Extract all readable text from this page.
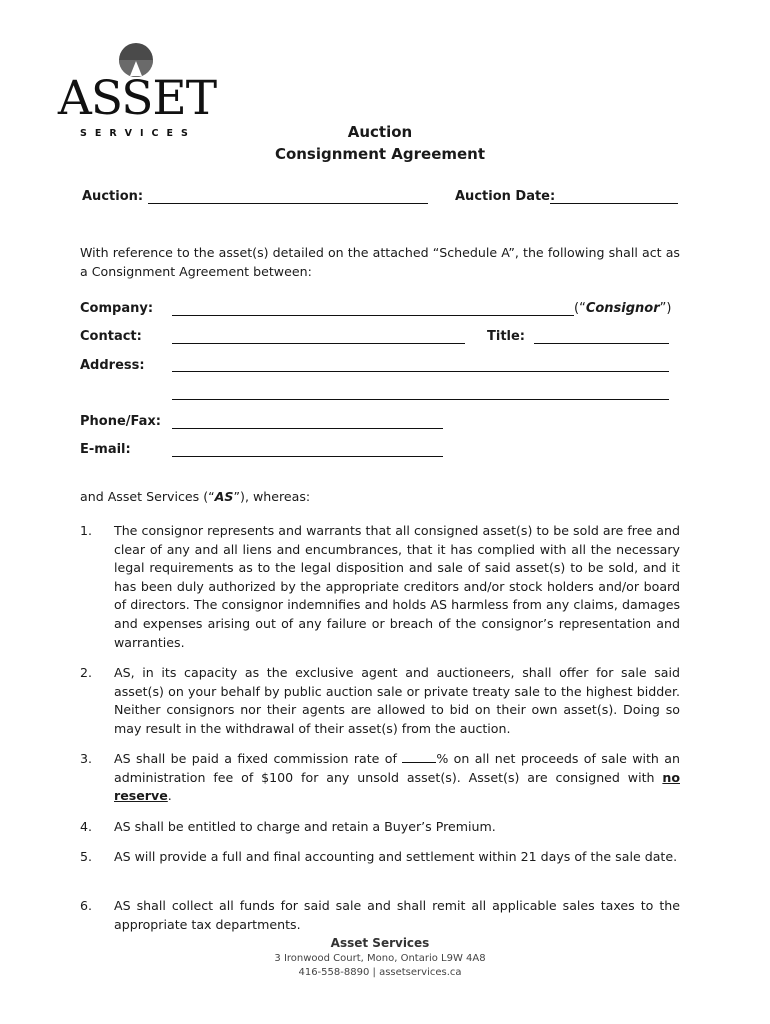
ASSET
SERVICES	Auction
Consignment Agreement
Auction:	Auction Date:
With reference to the asset(s) detailed on the attached “Schedule A”, the following shall act as a Consignment Agreement between:
Company:	(“Consignor”)
Contact:	Title:
Address:
Phone/Fax:
E-mail:
and Asset Services (“AS”), whereas:
1. The consignor represents and warrants that all consigned asset(s) to be sold are free and clear of any and all liens and encumbrances, that it has complied with all the necessary legal requirements as to the legal disposition and sale of said asset(s) to be sold, and it has been duly authorized by the appropriate creditors and/or stock holders and/or board of directors. The consignor indemnifies and holds AS harmless from any claims, damages and expenses arising out of any failure or breach of the consignor’s representation and warranties.
2. AS, in its capacity as the exclusive agent and auctioneers, shall offer for sale said asset(s) on your behalf by public auction sale or private treaty sale to the highest bidder. Neither consignors nor their agents are allowed to bid on their own asset(s). Doing so may result in the withdrawal of their asset(s) from the auction.
3. AS shall be paid a fixed commission rate of	% on all net proceeds of sale with an administration fee of $100 for any unsold asset(s). Asset(s) are consigned with no reserve.
4. AS shall be entitled to charge and retain a Buyer’s Premium.
5. AS will provide a full and final accounting and settlement within 21 days of the sale date.
6. AS shall collect all funds for said sale and shall remit all applicable sales taxes to the appropriate tax departments.
Asset Services
3 Ironwood Court, Mono, Ontario L9W 4A8
416-558-8890 | assetservices.ca
